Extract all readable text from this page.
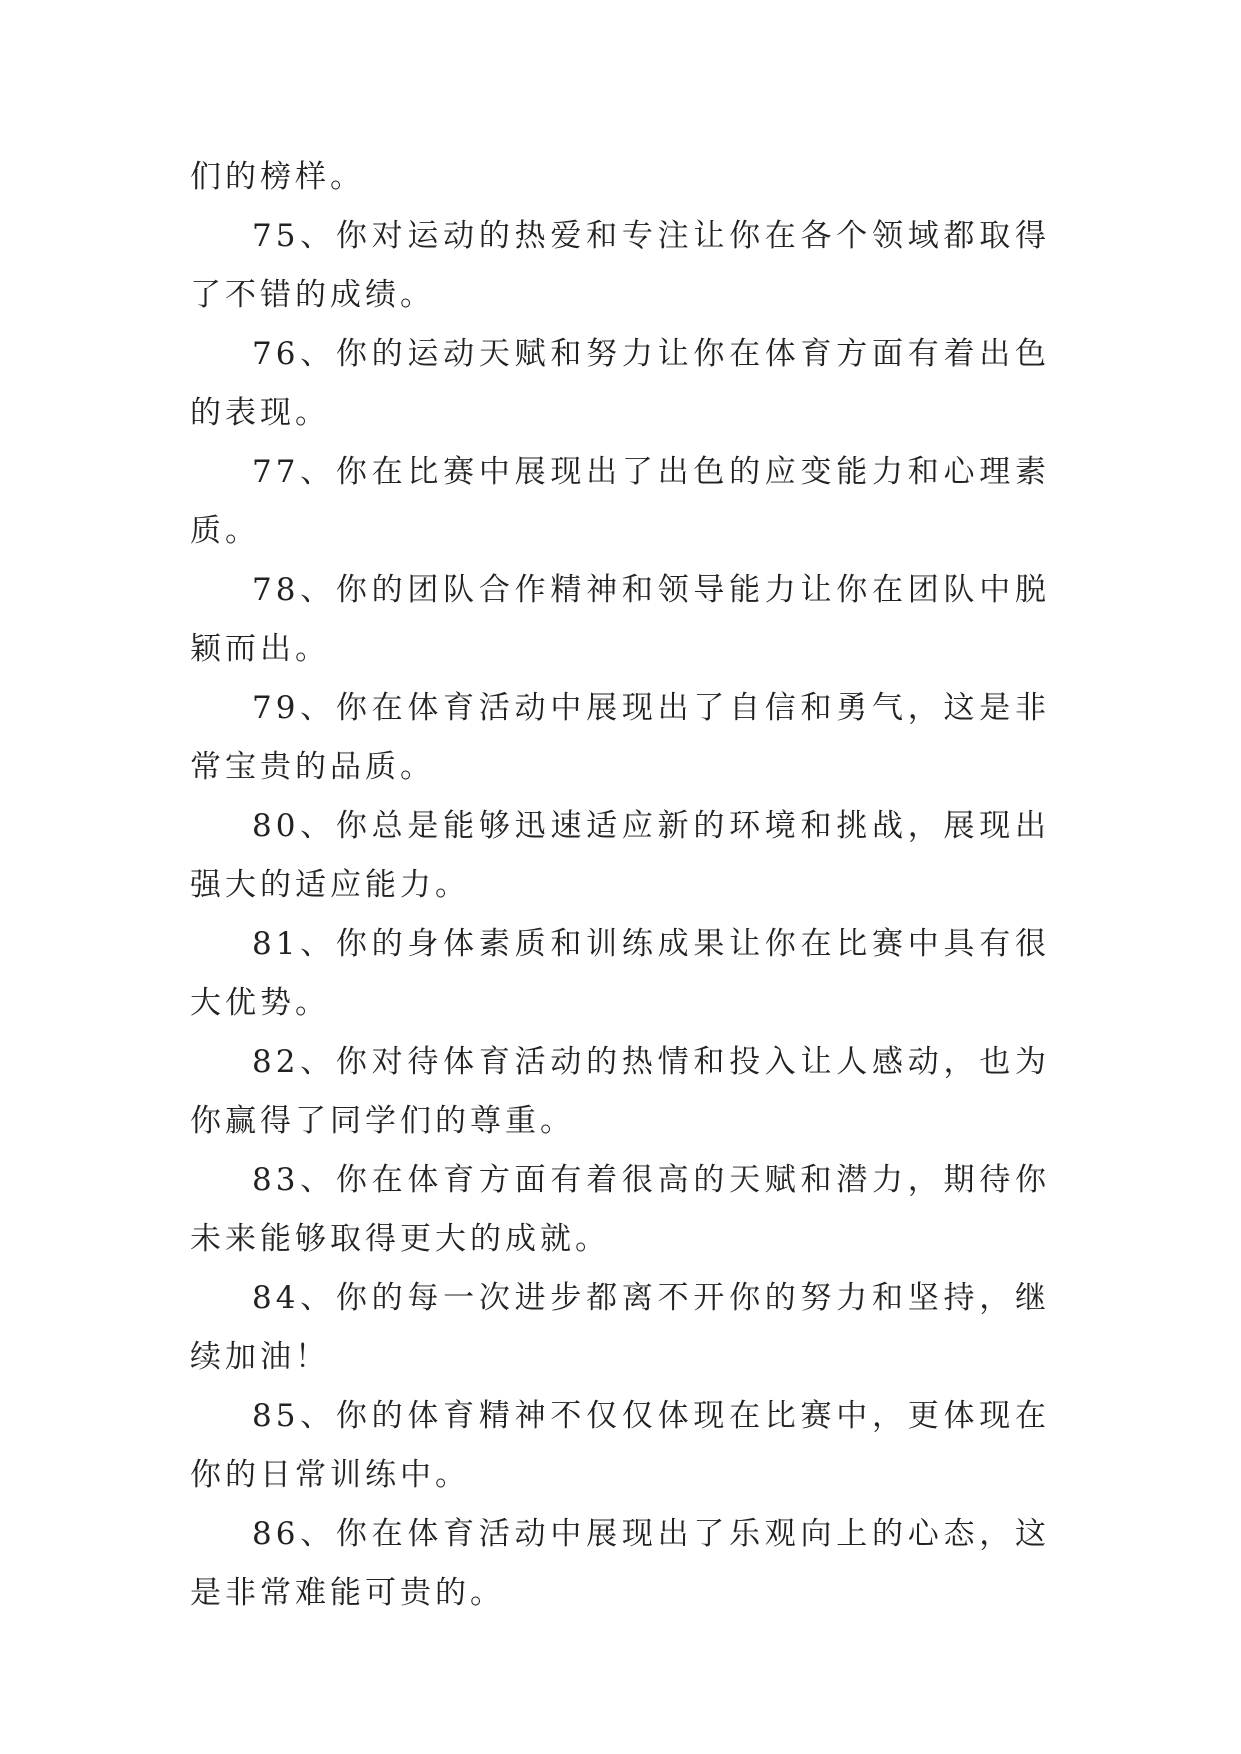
们的榜样。

75、你对运动的热爱和专注让你在各个领域都取得了不错的成绩。

76、你的运动天赋和努力让你在体育方面有着出色的表现。

77、你在比赛中展现出了出色的应变能力和心理素质。

78、你的团队合作精神和领导能力让你在团队中脱颖而出。

79、你在体育活动中展现出了自信和勇气，这是非常宝贵的品质。

80、你总是能够迅速适应新的环境和挑战，展现出强大的适应能力。

81、你的身体素质和训练成果让你在比赛中具有很大优势。

82、你对待体育活动的热情和投入让人感动，也为你赢得了同学们的尊重。

83、你在体育方面有着很高的天赋和潜力，期待你未来能够取得更大的成就。

84、你的每一次进步都离不开你的努力和坚持，继续加油！

85、你的体育精神不仅仅体现在比赛中，更体现在你的日常训练中。

86、你在体育活动中展现出了乐观向上的心态，这是非常难能可贵的。
